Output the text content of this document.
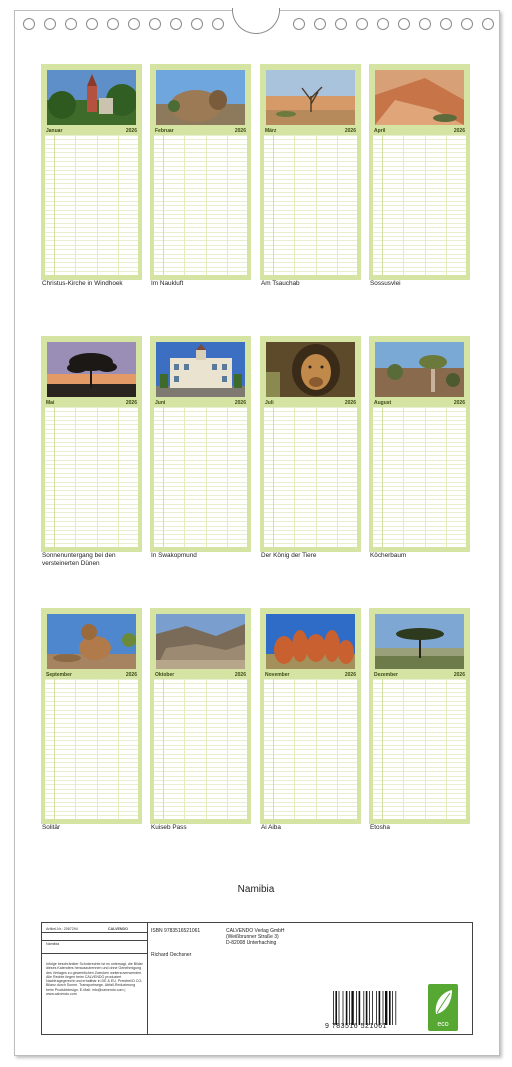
Januar	2026
Christus-Kirche in Windhoek
Februar	2026
Im Naukluft
März	2026
Am Tsauchab
April	2026
Sossusvlei
Mai	2026
Sonnenuntergang bei den versteinerten Dünen
Juni	2026
In Swakopmund
Juli	2026
Der König der Tiere
August	2026
Köcherbaum
September	2026
Solitär
Oktober	2026
Kuiseb Pass
November	2026
Ai Aiba
Dezember	2026
Etosha
Namibia
Artikel-Nr.: 2067294	CALVENDO
Namibia
Infolge beschränkter Schutzrechte ist es untersagt, die Bilder dieses Kalenders herauszutrennen und ohne Genehmigung des Verlages zu gewerblichen Zwecken weiterzuverwenden. Alle Rechte liegen beim CALVENDO produziert Nachfragegerecht und erhaltbar in DE & EU. Preisfrei/Ω CO-Bilanz durch Sonne. Transportwege, Abfall-Reduzierung beim Produktdesign. E-Mail: info@calvendo.com | www.calvendo.com
ISBN 9783516521061
Richard Oechsner
CALVENDO Verlag GmbH
(Weißbrunner Straße 3)
D-82008 Unterhaching
9 783516 521061	eco
